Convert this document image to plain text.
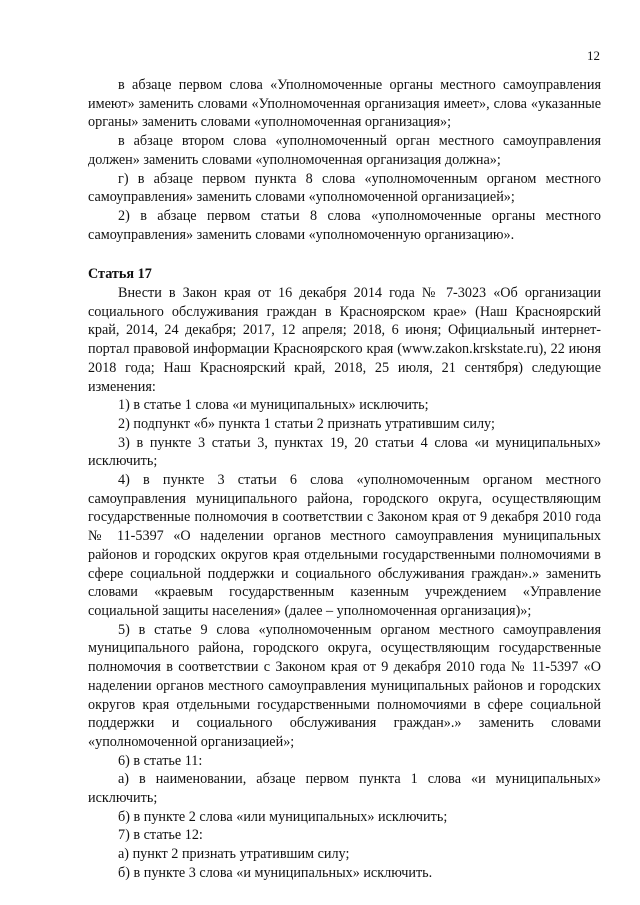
12

в абзаце первом слова «Уполномоченные органы местного самоуправления имеют» заменить словами «Уполномоченная организация имеет», слова «указанные органы» заменить словами «уполномоченная организация»;

в абзаце втором слова «уполномоченный орган местного самоуправления должен» заменить словами «уполномоченная организация должна»;

г) в абзаце первом пункта 8 слова «уполномоченным органом местного самоуправления» заменить словами «уполномоченной организацией»;

2) в абзаце первом статьи 8 слова «уполномоченные органы местного самоуправления» заменить словами «уполномоченную организацию».

Статья 17

Внести в Закон края от 16 декабря 2014 года № 7-3023 «Об организации социального обслуживания граждан в Красноярском крае» (Наш Красноярский край, 2014, 24 декабря; 2017, 12 апреля; 2018, 6 июня; Официальный интернет-портал правовой информации Красноярского края (www.zakon.krskstate.ru), 22 июня 2018 года; Наш Красноярский край, 2018, 25 июля, 21 сентября) следующие изменения:

1) в статье 1 слова «и муниципальных» исключить;

2) подпункт «б» пункта 1 статьи 2 признать утратившим силу;

3) в пункте 3 статьи 3, пунктах 19, 20 статьи 4 слова «и муниципальных» исключить;

4) в пункте 3 статьи 6 слова «уполномоченным органом местного самоуправления муниципального района, городского округа, осуществляющим государственные полномочия в соответствии с Законом края от 9 декабря 2010 года № 11-5397 «О наделении органов местного самоуправления муниципальных районов и городских округов края отдельными государственными полномочиями в сфере социальной поддержки и социального обслуживания граждан».» заменить словами «краевым государственным казенным учреждением «Управление социальной защиты населения» (далее – уполномоченная организация)»;

5) в статье 9 слова «уполномоченным органом местного самоуправления муниципального района, городского округа, осуществляющим государственные полномочия в соответствии с Законом края от 9 декабря 2010 года № 11-5397 «О наделении органов местного самоуправления муниципальных районов и городских округов края отдельными государственными полномочиями в сфере социальной поддержки и социального обслуживания граждан».» заменить словами «уполномоченной организацией»;

6) в статье 11:

а) в наименовании, абзаце первом пункта 1 слова «и муниципальных» исключить;

б) в пункте 2 слова «или муниципальных» исключить;

7) в статье 12:

а) пункт 2 признать утратившим силу;

б) в пункте 3 слова «и муниципальных» исключить.
